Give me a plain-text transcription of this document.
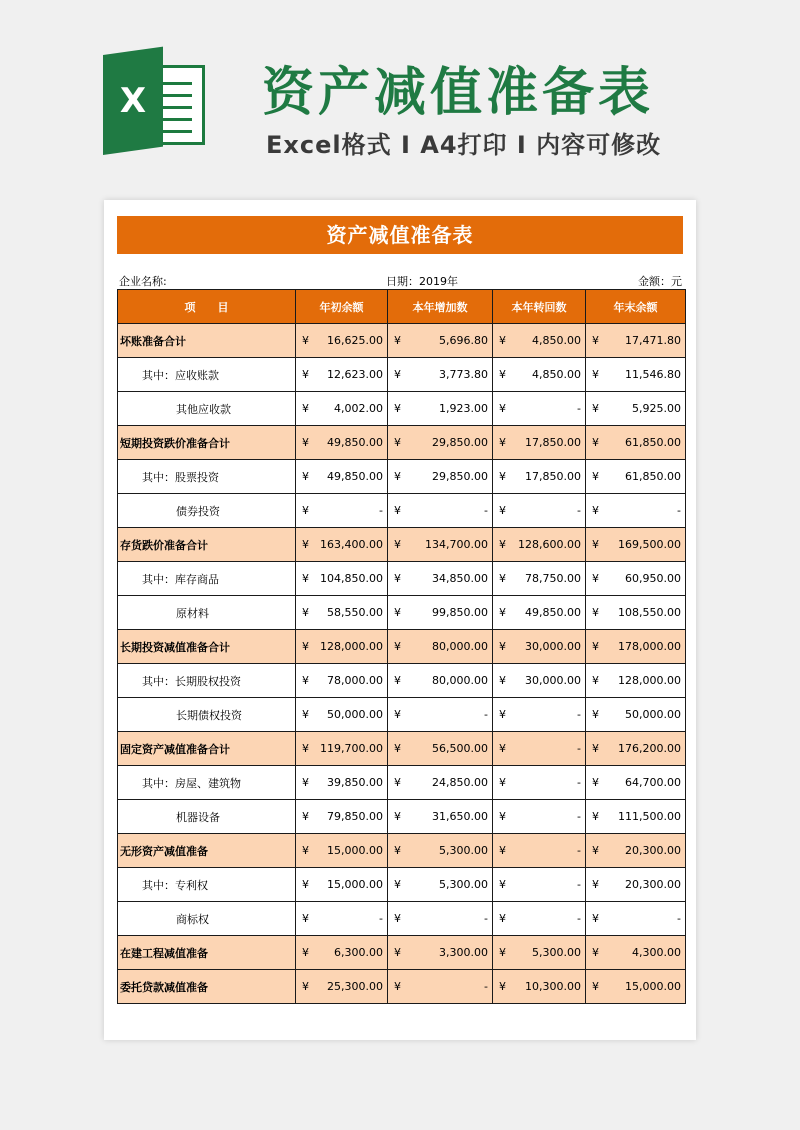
X	资产减值准备表
Excel格式 I A4打印 I 内容可修改
资产减值准备表
企业名称:	日期：2019年	金额：元
项　　目	年初余额	本年增加数	本年转回数	年末余额
坏账准备合计	¥ 16,625.00	¥ 5,696.80	¥ 4,850.00	¥ 17,471.80

其中：应收账款	¥ 12,623.00	¥ 3,773.80	¥ 4,850.00	¥ 11,546.80

其他应收款	¥ 4,002.00	¥ 1,923.00	¥ -	¥ 5,925.00

短期投资跌价准备合计	¥ 49,850.00	¥ 29,850.00	¥ 17,850.00	¥ 61,850.00

其中：股票投资	¥ 49,850.00	¥ 29,850.00	¥ 17,850.00	¥ 61,850.00

债券投资	¥ -	¥ -	¥ -	¥ -

存货跌价准备合计	¥ 163,400.00	¥ 134,700.00	¥ 128,600.00	¥ 169,500.00

其中：库存商品	¥ 104,850.00	¥ 34,850.00	¥ 78,750.00	¥ 60,950.00

原材料	¥ 58,550.00	¥ 99,850.00	¥ 49,850.00	¥ 108,550.00

长期投资减值准备合计	¥ 128,000.00	¥ 80,000.00	¥ 30,000.00	¥ 178,000.00

其中：长期股权投资	¥ 78,000.00	¥ 80,000.00	¥ 30,000.00	¥ 128,000.00

长期债权投资	¥ 50,000.00	¥ -	¥ -	¥ 50,000.00

固定资产减值准备合计	¥ 119,700.00	¥ 56,500.00	¥ -	¥ 176,200.00

其中：房屋、建筑物	¥ 39,850.00	¥ 24,850.00	¥ -	¥ 64,700.00

机器设备	¥ 79,850.00	¥ 31,650.00	¥ -	¥ 111,500.00

无形资产减值准备	¥ 15,000.00	¥ 5,300.00	¥ -	¥ 20,300.00

其中：专利权	¥ 15,000.00	¥ 5,300.00	¥ -	¥ 20,300.00

商标权	¥ -	¥ -	¥ -	¥ -

在建工程减值准备	¥ 6,300.00	¥ 3,300.00	¥ 5,300.00	¥ 4,300.00

委托贷款减值准备	¥ 25,300.00	¥ -	¥ 10,300.00	¥ 15,000.00
